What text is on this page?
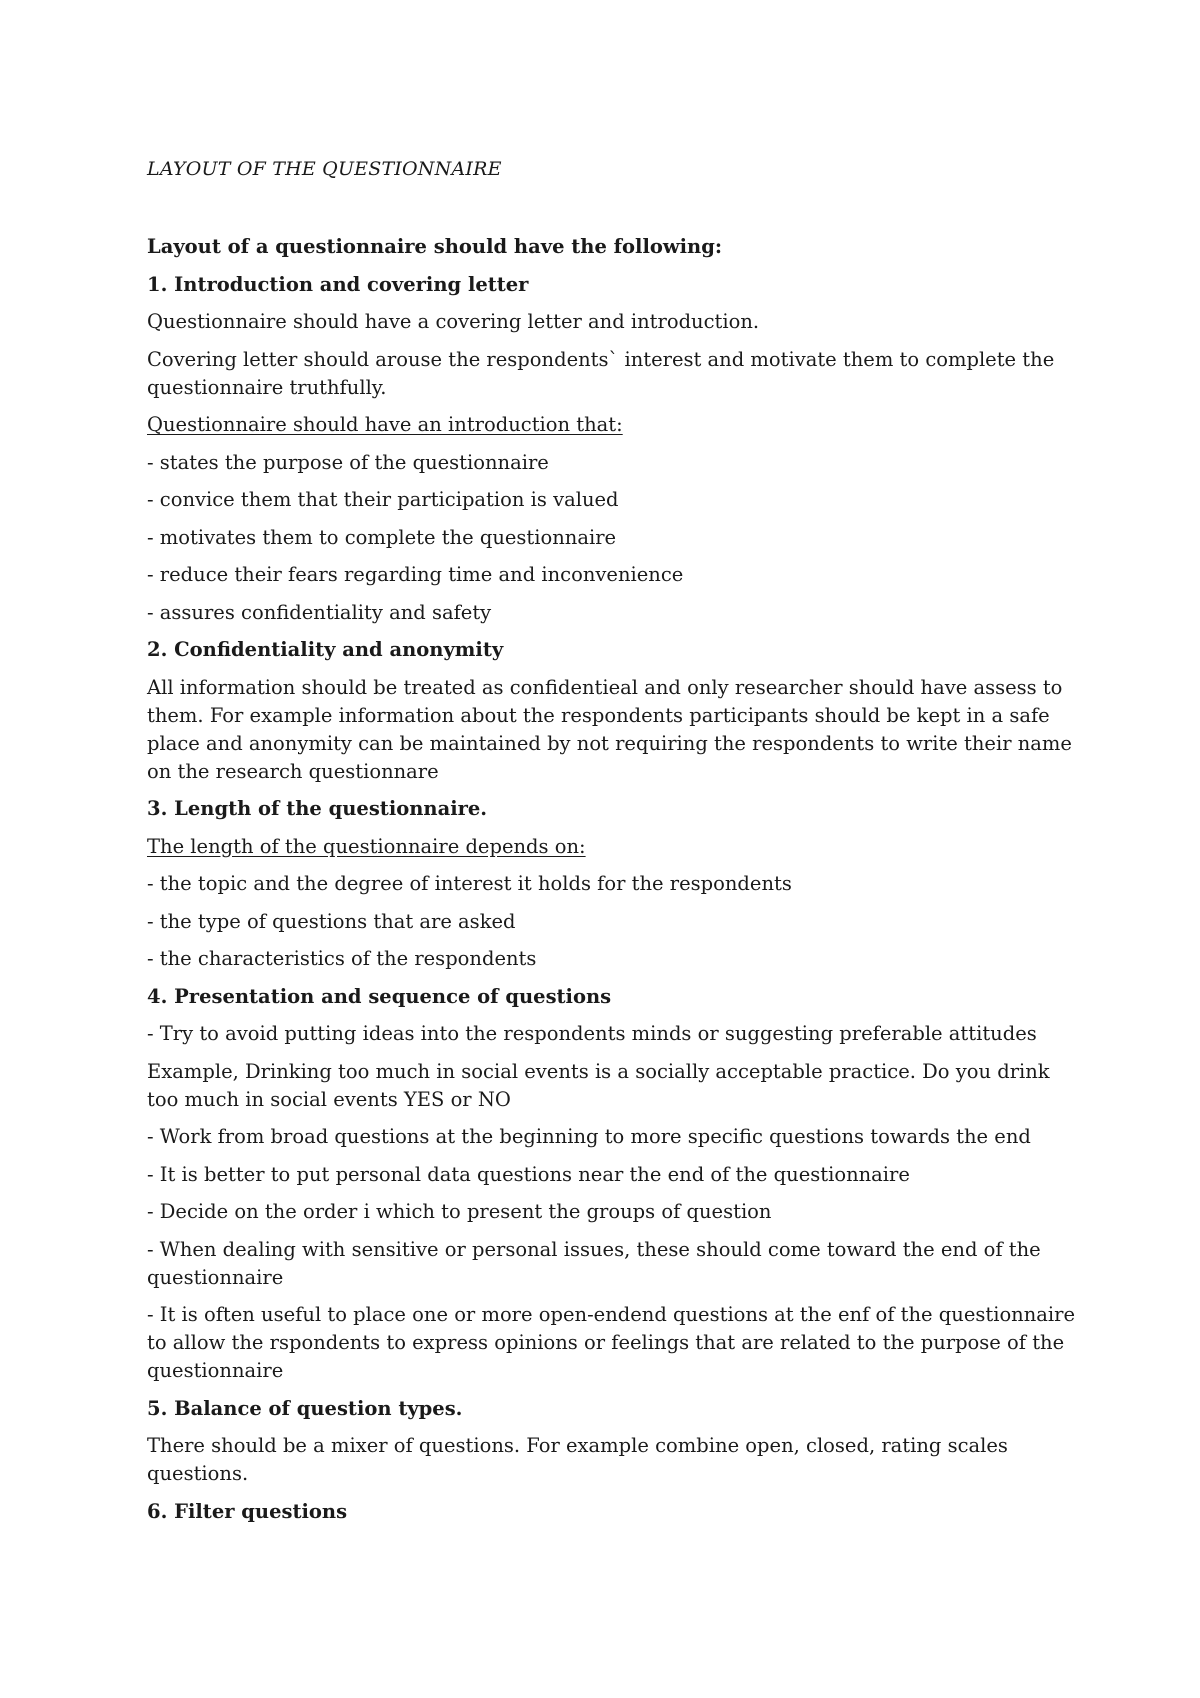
LAYOUT OF THE QUESTIONNAIRE

Layout of a questionnaire should have the following:

1. Introduction and covering letter

Questionnaire should have a covering letter and introduction.

Covering letter should arouse the respondents` interest and motivate them to complete the questionnaire truthfully.

Questionnaire should have an introduction that:

- states the purpose of the questionnaire

- convice them that their participation is valued

- motivates them to complete the questionnaire

- reduce their fears regarding time and inconvenience

- assures confidentiality and safety

2. Confidentiality and anonymity

All information should be treated as confidentieal and only researcher should have assess to them. For example information about the respondents participants should be kept in a safe place and anonymity can be maintained by not requiring the respondents to write their name on the research questionnare

3. Length of the questionnaire.

The length of the questionnaire depends on:

- the topic and the degree of interest it holds for the respondents

- the type of questions that are asked

- the characteristics of the respondents

4. Presentation and sequence of questions

- Try to avoid putting ideas into the respondents minds or suggesting preferable attitudes

Example, Drinking too much in social events is a socially acceptable practice. Do you drink too much in social events YES or NO

- Work from broad questions at the beginning to more specific questions towards the end

- It is better to put personal data questions near the end of the questionnaire

- Decide on the order i which to present the groups of question

- When dealing with sensitive or personal issues, these should come toward the end of the questionnaire

- It is often useful to place one or more open-endend questions at the enf of the questionnaire to allow the rspondents to express opinions or feelings that are related to the purpose of the questionnaire

5. Balance of question types.

There should be a mixer of questions. For example combine open, closed, rating scales questions.

6. Filter questions
